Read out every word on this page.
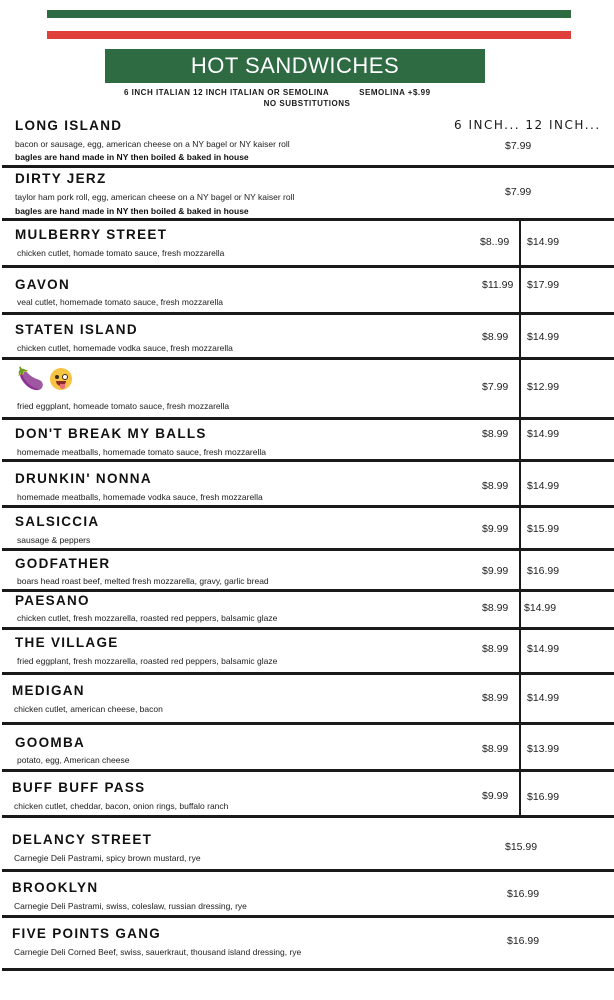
HOT SANDWICHES
6 INCH ITALIAN 12 INCH ITALIAN OR SEMOLINA	SEMOLINA +$.99
NO SUBSTITUTIONS
6 INCH... 12 INCH...
LONG ISLAND
bacon or sausage, egg, american cheese on a NY bagel or NY kaiser roll
bagles are hand made in NY then boiled & baked in house
$7.99
DIRTY JERZ
taylor ham pork roll, egg, american cheese on a NY bagel or NY kaiser roll
bagles are hand made in NY then boiled & baked in house
$7.99
MULBERRY STREET
chicken cutlet, homade tomato sauce, fresh mozzarella
$8..99 $14.99
GAVON
veal cutlet, homemade tomato sauce, fresh mozzarella
$11.99 $17.99
STATEN ISLAND
chicken cutlet, homemade vodka sauce, fresh mozzarella
$8.99 $14.99
🍆
fried eggplant, homeade tomato sauce, fresh mozzarella
$7.99 $12.99
DON'T BREAK MY BALLS
homemade meatballs, homemade tomato sauce, fresh mozzarella
$8.99 $14.99
DRUNKIN' NONNA
homemade meatballs, homemade vodka sauce, fresh mozzarella
$8.99 $14.99
SALSICCIA
sausage & peppers
$9.99 $15.99
GODFATHER
boars head roast beef, melted fresh mozzarella, gravy, garlic bread
$9.99 $16.99
PAESANO
chicken cutlet, fresh mozzarella, roasted red peppers, balsamic glaze
$8.99 $14.99
THE VILLAGE
fried eggplant, fresh mozzarella, roasted red peppers, balsamic glaze
$8.99 $14.99
MEDIGAN
chicken cutlet, american cheese, bacon
$8.99 $14.99
GOOMBA
potato, egg, American cheese
$8.99 $13.99
BUFF BUFF PASS
chicken cutlet, cheddar, bacon, onion rings, buffalo ranch
$9.99 $16.99
DELANCY STREET
Carnegie Deli Pastrami, spicy brown mustard, rye
$15.99
BROOKLYN
Carnegie Deli Pastrami, swiss, coleslaw, russian dressing, rye
$16.99
FIVE POINTS GANG
Carnegie Deli Corned Beef, swiss, sauerkraut, thousand island dressing, rye
$16.99
